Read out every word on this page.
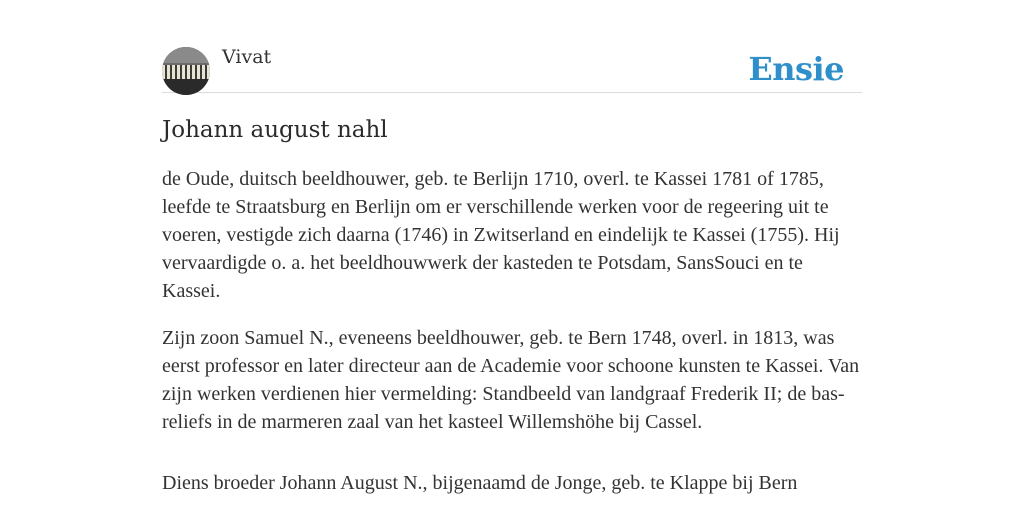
Vivat	Ensie
Johann august nahl

de Oude, duitsch beeldhouwer, geb. te Berlijn 1710, overl. te Kassei 1781 of 1785, leefde te Straatsburg en Berlijn om er verschillende werken voor de regeering uit te voeren, vestigde zich daarna (1746) in Zwitserland en eindelijk te Kassei (1755). Hij vervaardigde o. a. het beeldhouwwerk der kasteden te Potsdam, SansSouci en te Kassei.

Zijn zoon Samuel N., eveneens beeldhouwer, geb. te Bern 1748, overl. in 1813, was eerst professor en later directeur aan de Academie voor schoone kunsten te Kassei. Van zijn werken verdienen hier vermelding: Standbeeld van landgraaf Frederik II; de bas-reliefs in de marmeren zaal van het kasteel Willemshöhe bij Cassel.

Diens broeder Johann August N., bijgenaamd de Jonge, geb. te Klappe bij Bern
